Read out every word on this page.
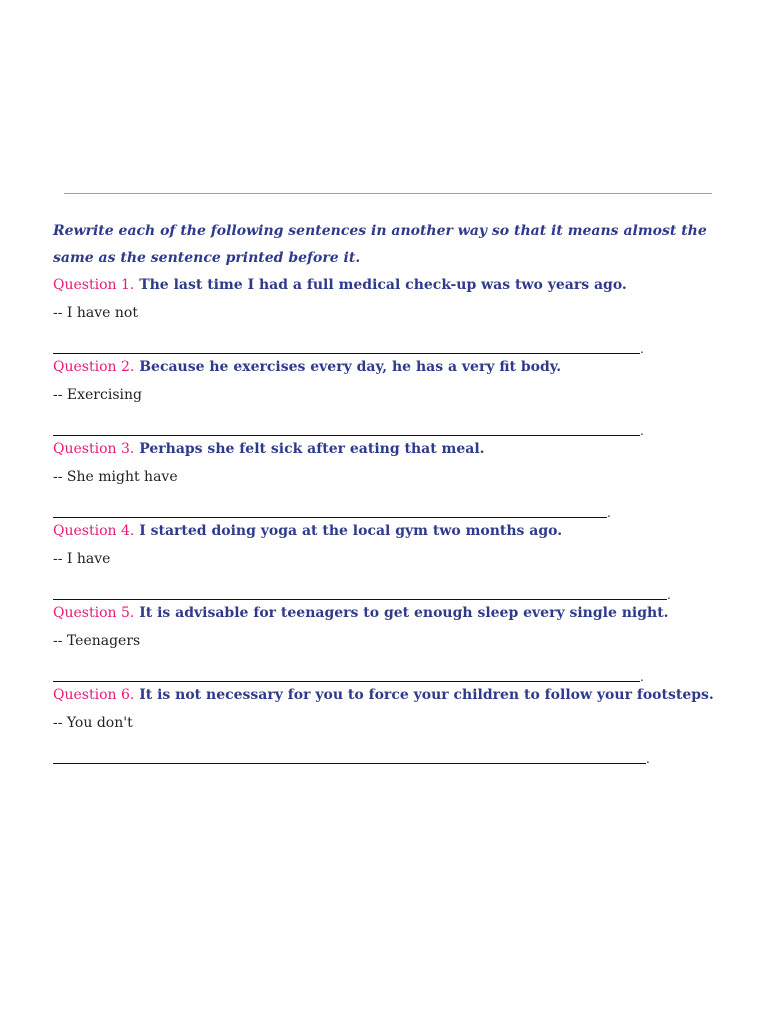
Rewrite each of the following sentences in another way so that it means almost the same as the sentence printed before it.

Question 1. The last time I had a full medical check-up was two years ago.

-- I have not

.

Question 2. Because he exercises every day, he has a very fit body.

-- Exercising

.

Question 3. Perhaps she felt sick after eating that meal.

-- She might have

.

Question 4. I started doing yoga at the local gym two months ago.

-- I have

.

Question 5. It is advisable for teenagers to get enough sleep every single night.

-- Teenagers

.

Question 6. It is not necessary for you to force your children to follow your footsteps.

-- You don't

.
